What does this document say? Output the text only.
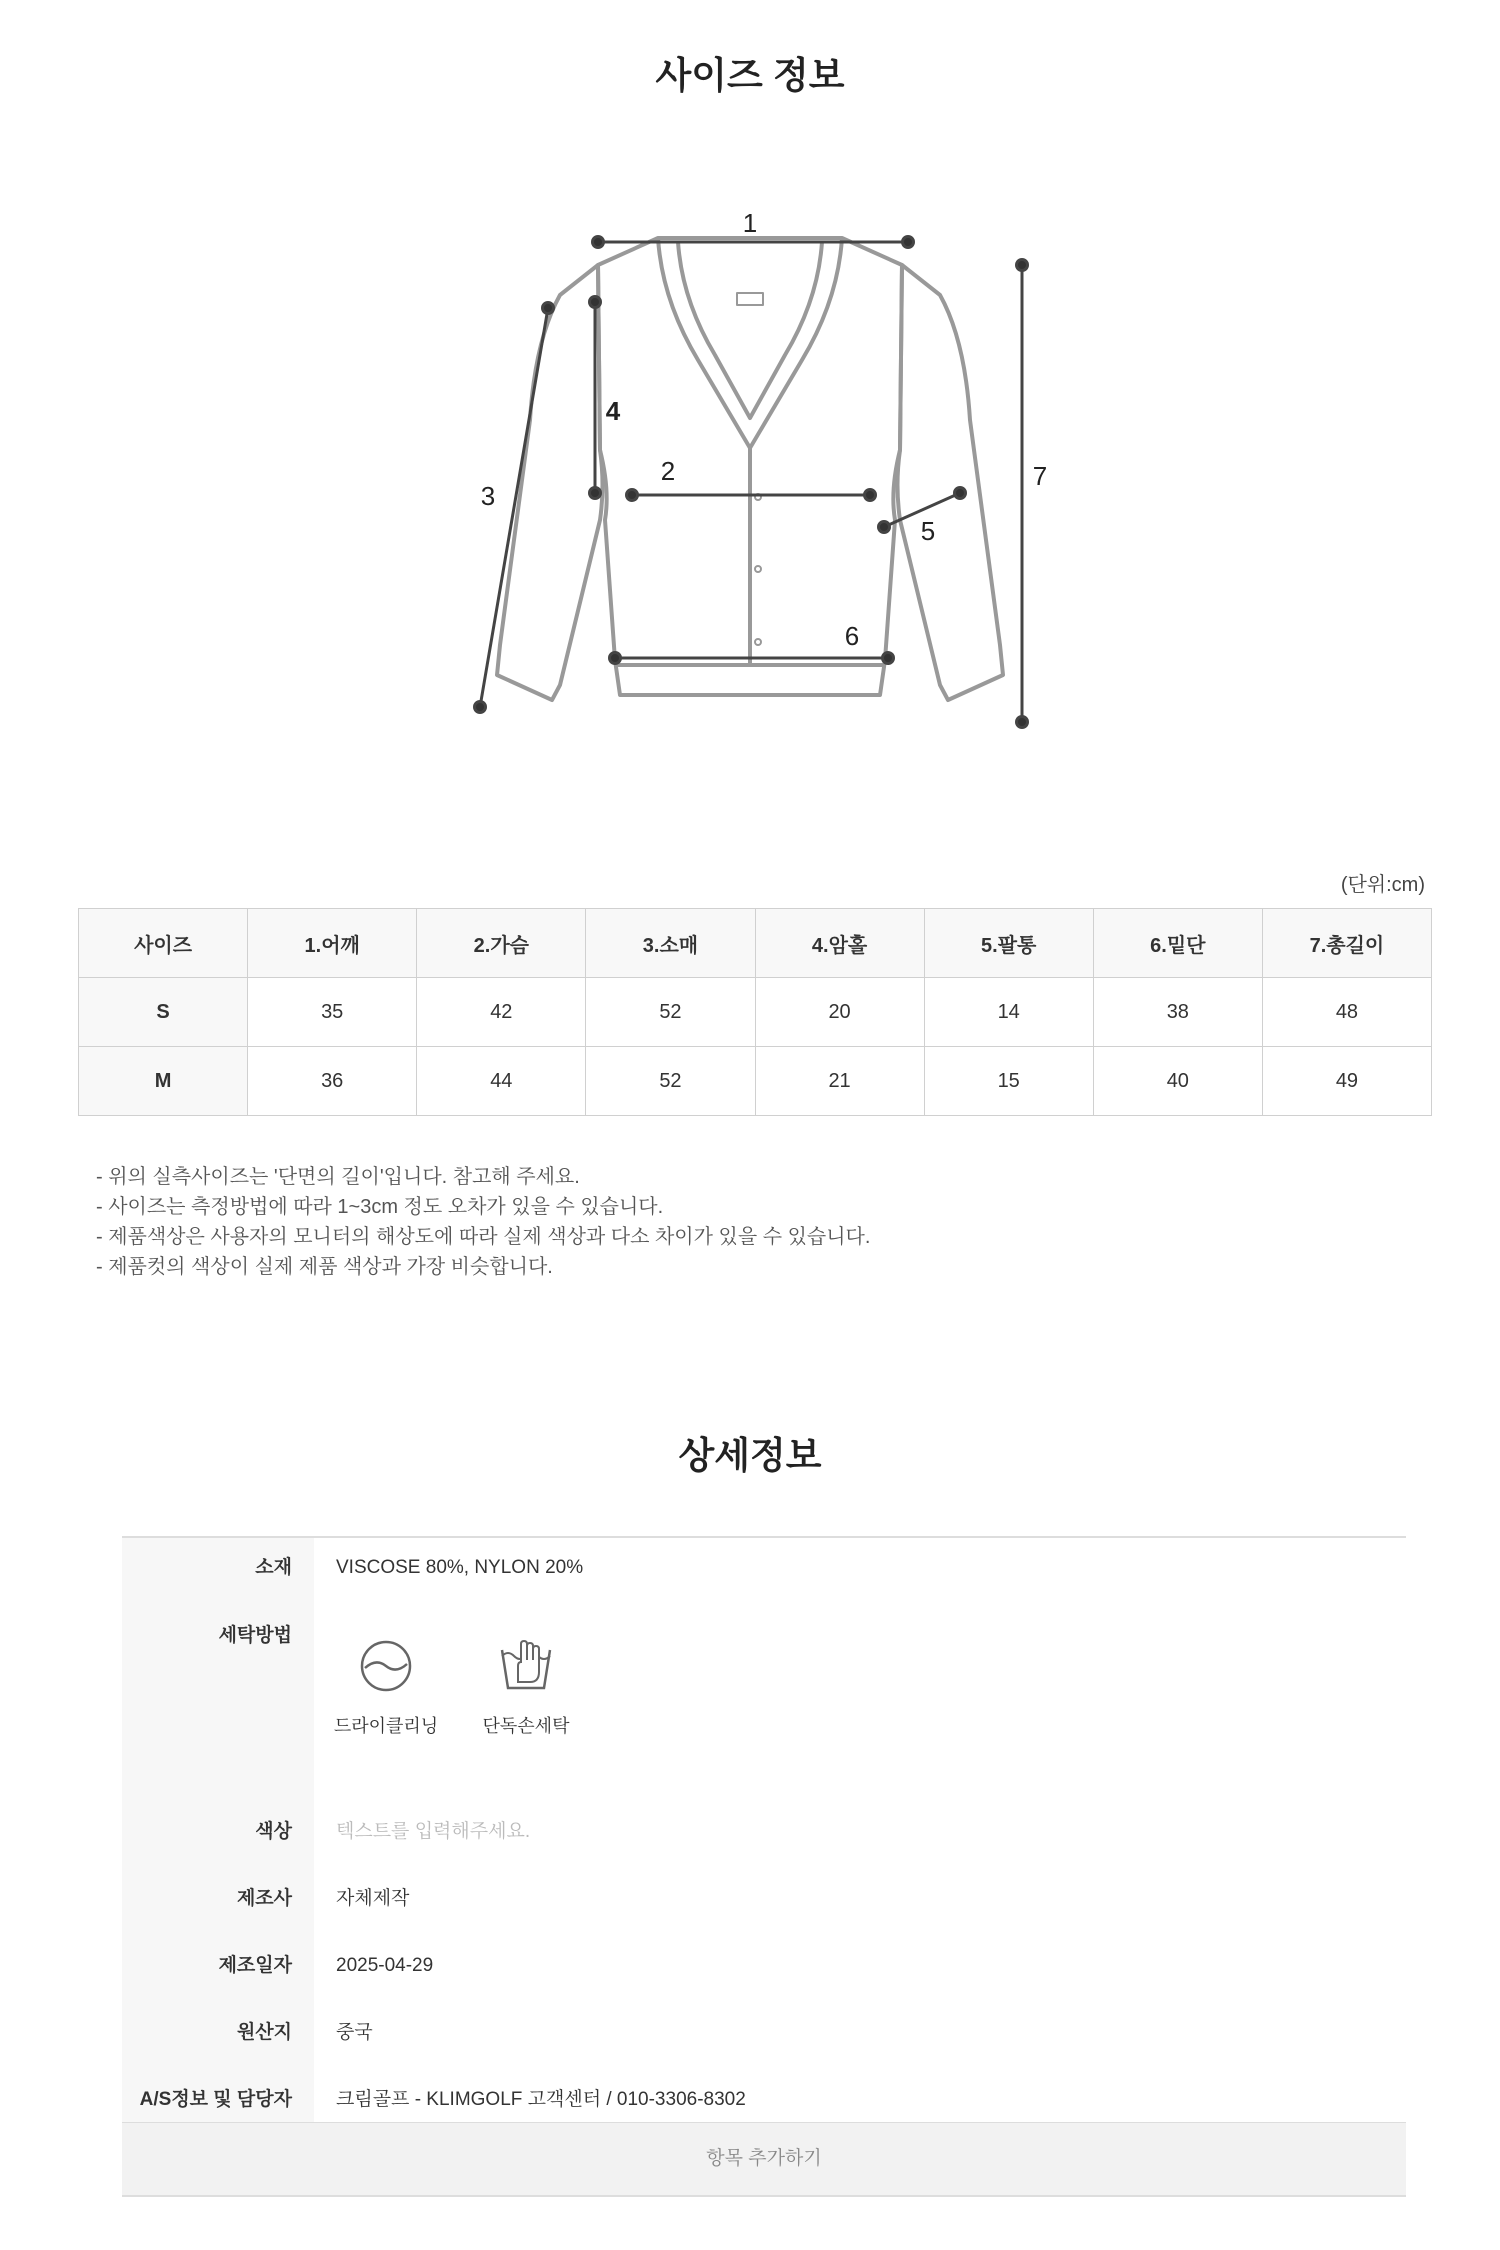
사이즈 정보
1
2
3
4
5
6
7
(단위:cm)
사이즈	1.어깨	2.가슴	3.소매	4.암홀	5.팔통	6.밑단	7.총길이
S	35	42	52	20	14	38	48
M	36	44	52	21	15	40	49
- 위의 실측사이즈는 '단면의 길이'입니다. 참고해 주세요.
- 사이즈는 측정방법에 따라 1~3cm 정도 오차가 있을 수 있습니다.
- 제품색상은 사용자의 모니터의 해상도에 따라 실제 색상과 다소 차이가 있을 수 있습니다.
- 제품컷의 색상이 실제 제품 색상과 가장 비슷합니다.
상세정보
소재	VISCOSE 80%, NYLON 20%
세탁방법
드라이클리닝 단독손세탁
색상	텍스트를 입력해주세요.
제조사	자체제작
제조일자	2025-04-29
원산지	중국
A/S정보 및 담당자	크림골프 - KLIMGOLF 고객센터 / 010-3306-8302
항목 추가하기
